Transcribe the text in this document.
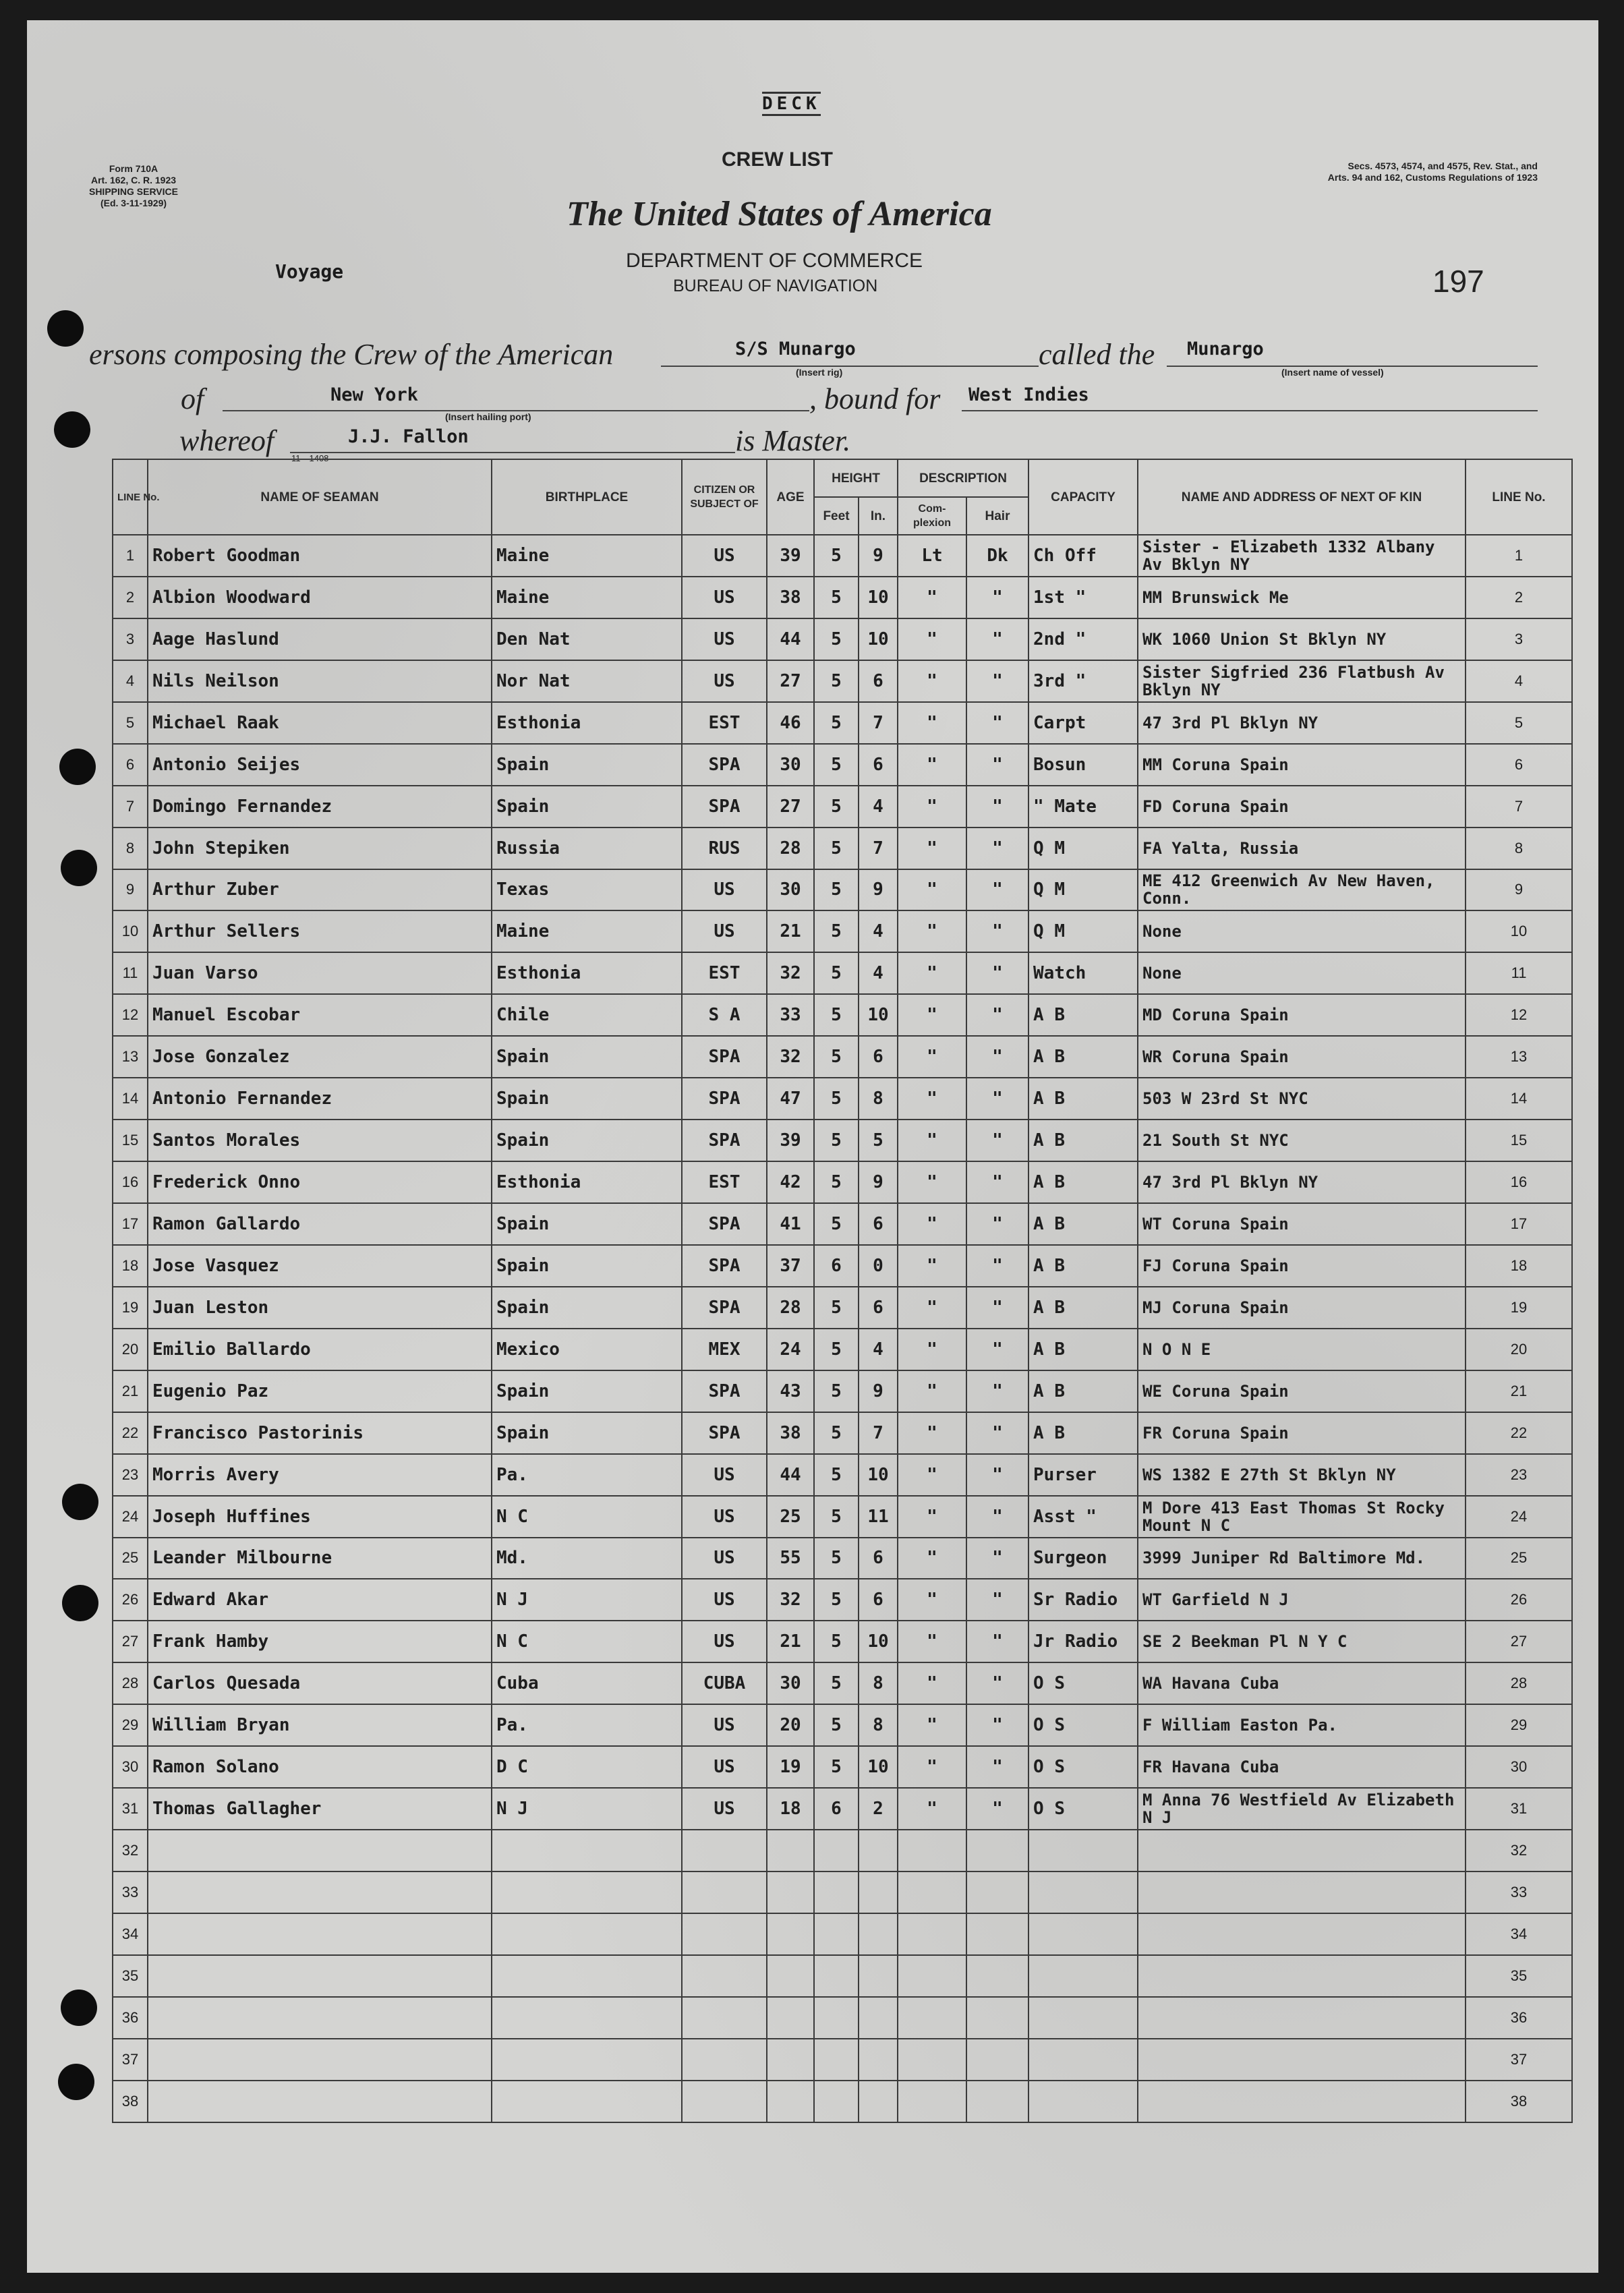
DECK
CREW LIST
Form 710A
Art. 162, C. R. 1923
SHIPPING SERVICE
(Ed. 3-11-1929)
Secs. 4573, 4574, and 4575, Rev. Stat., and
Arts. 94 and 162, Customs Regulations of 1923
The United States of America
DEPARTMENT OF COMMERCE
BUREAU OF NAVIGATION
Voyage	197
ersons composing the Crew of the American	S/S Munargo
(Insert rig)
called the Munargo
(Insert name of vessel)
of	New York
(Insert hailing port)
, bound for West Indies
whereof	J.J. Fallon
11—1408
is Master.
LINE No.	NAME OF SEAMAN	BIRTHPLACE	CITIZEN OR SUBJECT OF	AGE	HEIGHT		DESCRIPTION		CAPACITY	NAME AND ADDRESS OF NEXT OF KIN	LINE No.
					Feet	In.	Com-plexion	Hair			
1	Robert Goodman	Maine	US	39	5	9	Lt	Dk	Ch Off	Sister - Elizabeth 1332 Albany Av Bklyn NY	1
2	Albion Woodward	Maine	US	38	5	10	"	"	1st "	MM Brunswick Me	2
3	Aage Haslund	Den Nat	US	44	5	10	"	"	2nd "	WK 1060 Union St Bklyn NY	3
4	Nils Neilson	Nor Nat	US	27	5	6	"	"	3rd "	Sister Sigfried 236 Flatbush Av Bklyn NY	4
5	Michael Raak	Esthonia	EST	46	5	7	"	"	Carpt	47 3rd Pl Bklyn NY	5
6	Antonio Seijes	Spain	SPA	30	5	6	"	"	Bosun	MM Coruna Spain	6
7	Domingo Fernandez	Spain	SPA	27	5	4	"	"	" Mate	FD Coruna Spain	7
8	John Stepiken	Russia	RUS	28	5	7	"	"	Q M	FA Yalta, Russia	8
9	Arthur Zuber	Texas	US	30	5	9	"	"	Q M	ME 412 Greenwich Av New Haven, Conn.	9
10	Arthur Sellers	Maine	US	21	5	4	"	"	Q M	None	10
11	Juan Varso	Esthonia	EST	32	5	4	"	"	Watch	None	11
12	Manuel Escobar	Chile	S A	33	5	10	"	"	A B	MD Coruna Spain	12
13	Jose Gonzalez	Spain	SPA	32	5	6	"	"	A B	WR Coruna Spain	13
14	Antonio Fernandez	Spain	SPA	47	5	8	"	"	A B	503 W 23rd St NYC	14
15	Santos Morales	Spain	SPA	39	5	5	"	"	A B	21 South St NYC	15
16	Frederick Onno	Esthonia	EST	42	5	9	"	"	A B	47 3rd Pl Bklyn NY	16
17	Ramon Gallardo	Spain	SPA	41	5	6	"	"	A B	WT Coruna Spain	17
18	Jose Vasquez	Spain	SPA	37	6	0	"	"	A B	FJ Coruna Spain	18
19	Juan Leston	Spain	SPA	28	5	6	"	"	A B	MJ Coruna Spain	19
20	Emilio Ballardo	Mexico	MEX	24	5	4	"	"	A B	N O N E	20
21	Eugenio Paz	Spain	SPA	43	5	9	"	"	A B	WE Coruna Spain	21
22	Francisco Pastorinis	Spain	SPA	38	5	7	"	"	A B	FR Coruna Spain	22
23	Morris Avery	Pa.	US	44	5	10	"	"	Purser	WS 1382 E 27th St Bklyn NY	23
24	Joseph Huffines	N C	US	25	5	11	"	"	Asst "	M Dore 413 East Thomas St Rocky Mount N C	24
25	Leander Milbourne	Md.	US	55	5	6	"	"	Surgeon	3999 Juniper Rd Baltimore Md.	25
26	Edward Akar	N J	US	32	5	6	"	"	Sr Radio	WT Garfield N J	26
27	Frank Hamby	N C	US	21	5	10	"	"	Jr Radio	SE 2 Beekman Pl N Y C	27
28	Carlos Quesada	Cuba	CUBA	30	5	8	"	"	O S	WA Havana Cuba	28
29	William Bryan	Pa.	US	20	5	8	"	"	O S	F William Easton Pa.	29
30	Ramon Solano	D C	US	19	5	10	"	"	O S	FR Havana Cuba	30
31	Thomas Gallagher	N J	US	18	6	2	"	"	O S	M Anna 76 Westfield Av Elizabeth N J	31
32											32
33											33
34											34
35											35
36											36
37											37
38											38
